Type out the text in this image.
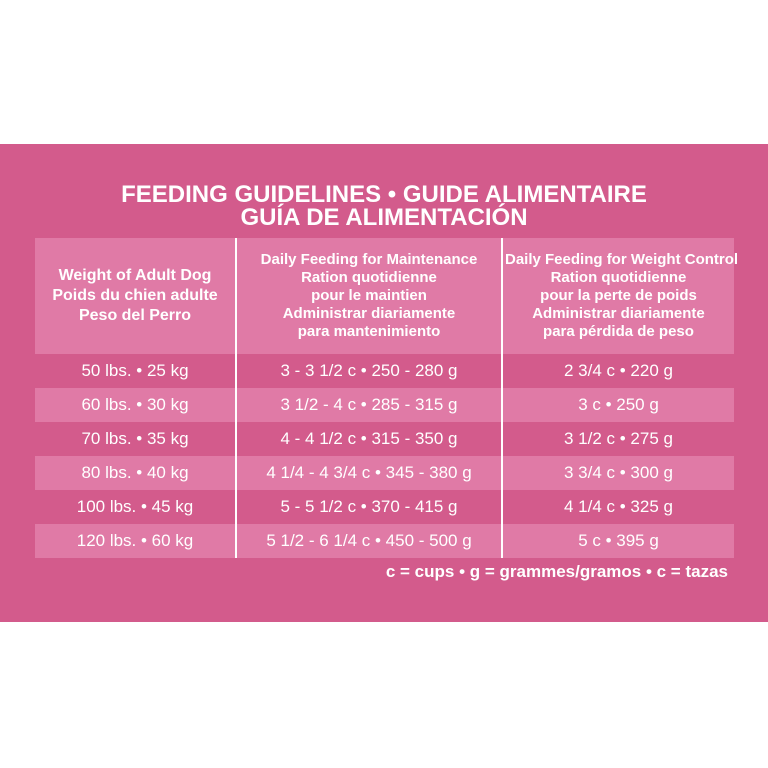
FEEDING GUIDELINES • GUIDE ALIMENTAIRE
GUÍA DE ALIMENTACIÓN
Weight of Adult Dog
Poids du chien adulte
Peso del Perro	Daily Feeding for Maintenance
Ration quotidienne
pour le maintien
Administrar diariamente
para mantenimiento	Daily Feeding for Weight Control
Ration quotidienne
pour la perte de poids
Administrar diariamente
para pérdida de peso

50 lbs. • 25 kg	3 - 3 1/2 c • 250 - 280 g	2 3/4 c • 220 g
60 lbs. • 30 kg	3 1/2 - 4 c • 285 - 315 g	3 c • 250 g
70 lbs. • 35 kg	4 - 4 1/2 c • 315 - 350 g	3 1/2 c • 275 g
80 lbs. • 40 kg	4 1/4 - 4 3/4 c • 345 - 380 g	3 3/4 c • 300 g
100 lbs. • 45 kg	5 - 5 1/2 c • 370 - 415 g	4 1/4 c • 325 g
120 lbs. • 60 kg	5 1/2 - 6 1/4 c • 450 - 500 g	5 c • 395 g
c = cups • g = grammes/gramos • c = tazas
